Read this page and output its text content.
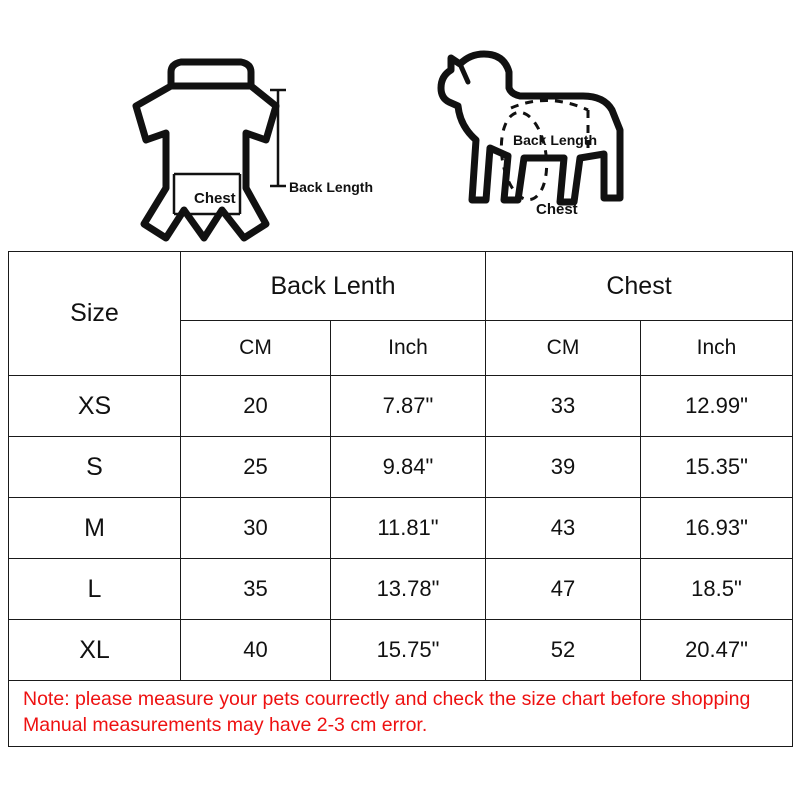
Chest
Back Length
Back Length
Chest
Size	Back Lenth		Chest	
	CM	Inch	CM	Inch
XS	20	7.87"	33	12.99"
S	25	9.84"	39	15.35"
M	30	11.81"	43	16.93"
L	35	13.78"	47	18.5"
XL	40	15.75"	52	20.47"

Note: please measure your pets courrectly and check the size chart before shopping Manual measurements may have 2-3 cm error.				
